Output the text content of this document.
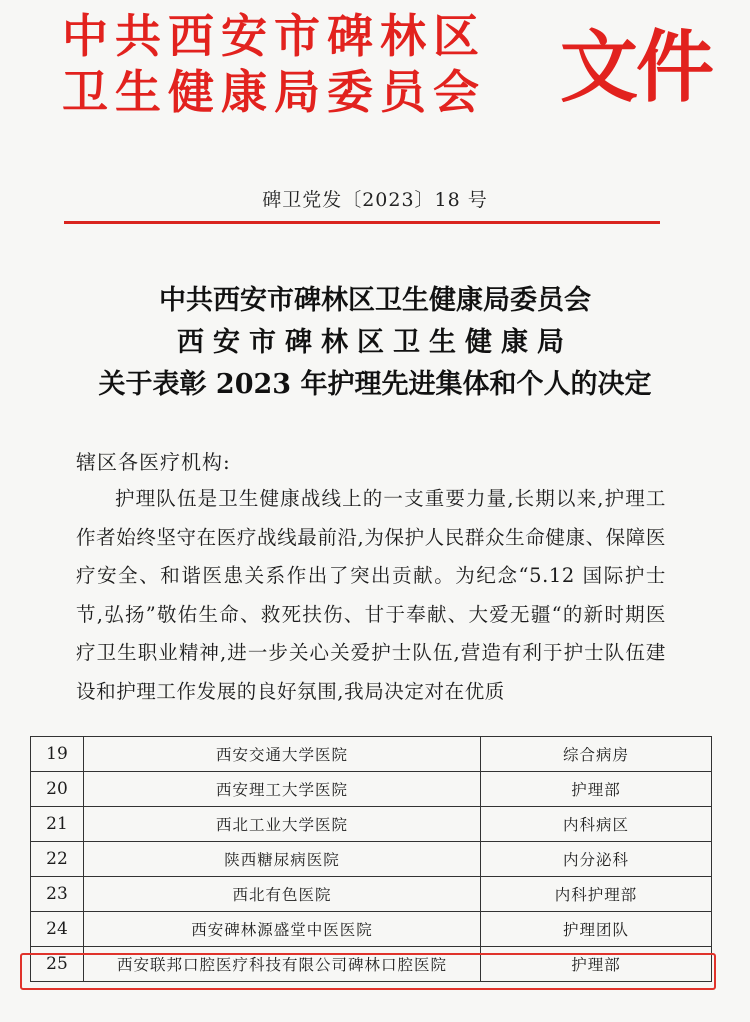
中共西安市碑林区
卫生健康局委员会 文件
碑卫党发〔2023〕18 号
中共西安市碑林区卫生健康局委员会
西安市碑林区卫生健康局
关于表彰 2023 年护理先进集体和个人的决定
辖区各医疗机构:
护理队伍是卫生健康战线上的一支重要力量,长期以来,护理工作者始终坚守在医疗战线最前沿,为保护人民群众生命健康、保障医疗安全、和谐医患关系作出了突出贡献。为纪念“5.12 国际护士节,弘扬”敬佑生命、救死扶伤、甘于奉献、大爱无疆“的新时期医疗卫生职业精神,进一步关心关爱护士队伍,营造有利于护士队伍建设和护理工作发展的良好氛围,我局决定对在优质
19	西安交通大学医院	综合病房
20	西安理工大学医院	护理部
21	西北工业大学医院	内科病区
22	陕西糖尿病医院	内分泌科
23	西北有色医院	内科护理部
24	西安碑林源盛堂中医医院	护理团队
25	西安联邦口腔医疗科技有限公司碑林口腔医院	护理部
